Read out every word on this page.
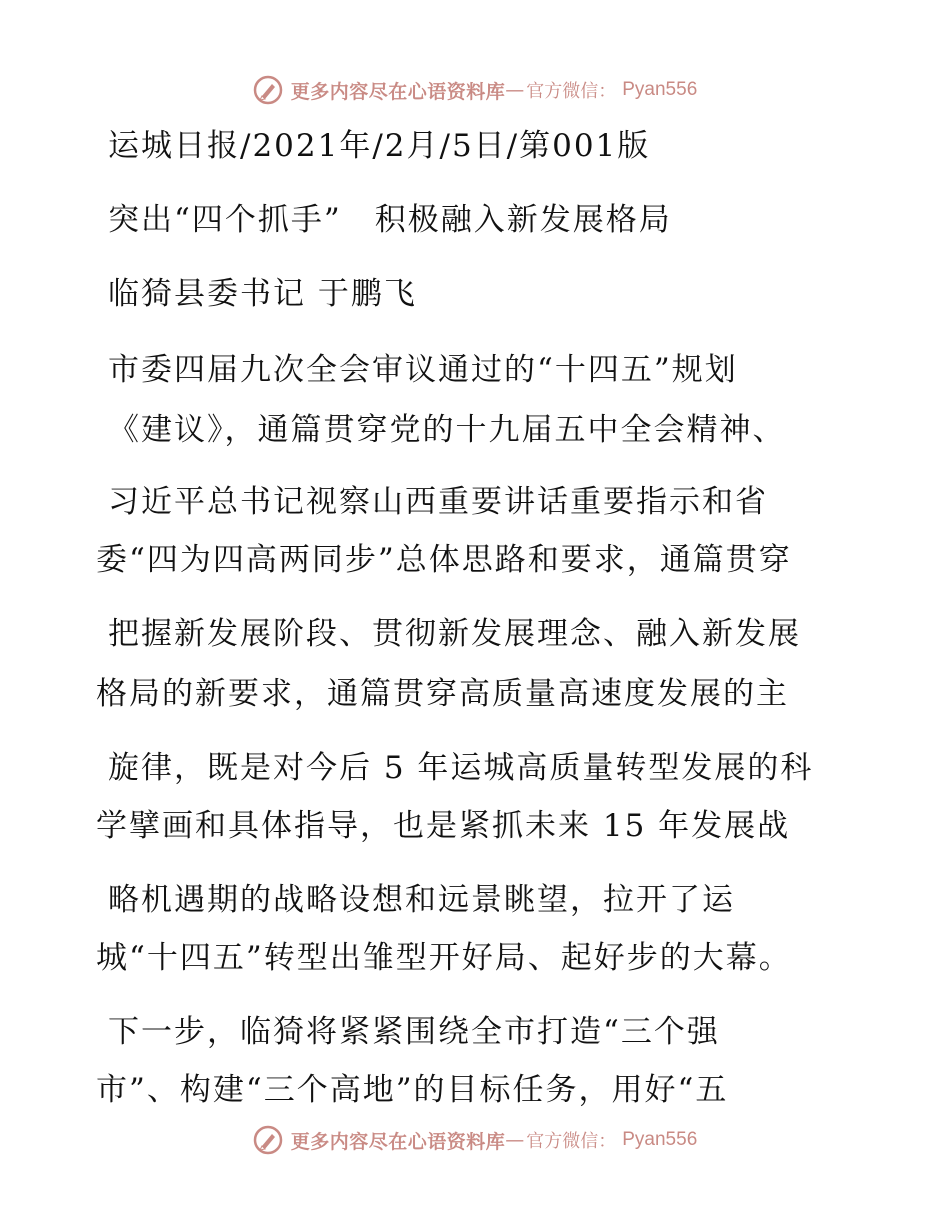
更多内容尽在心语资料库 — 官方微信： Pyan556
运城日报/2021年/2月/5日/第001版
突出“四个抓手”　积极融入新发展格局
临猗县委书记 于鹏飞
市委四届九次全会审议通过的“十四五”规划
《建议》，通篇贯穿党的十九届五中全会精神、
习近平总书记视察山西重要讲话重要指示和省
委“四为四高两同步”总体思路和要求，通篇贯穿
把握新发展阶段、贯彻新发展理念、融入新发展
格局的新要求，通篇贯穿高质量高速度发展的主
旋律，既是对今后 5 年运城高质量转型发展的科
学擘画和具体指导，也是紧抓未来 15 年发展战
略机遇期的战略设想和远景眺望，拉开了运
城“十四五”转型出雏型开好局、起好步的大幕。
下一步，临猗将紧紧围绕全市打造“三个强
市”、构建“三个高地”的目标任务，用好“五
更多内容尽在心语资料库 — 官方微信： Pyan556
